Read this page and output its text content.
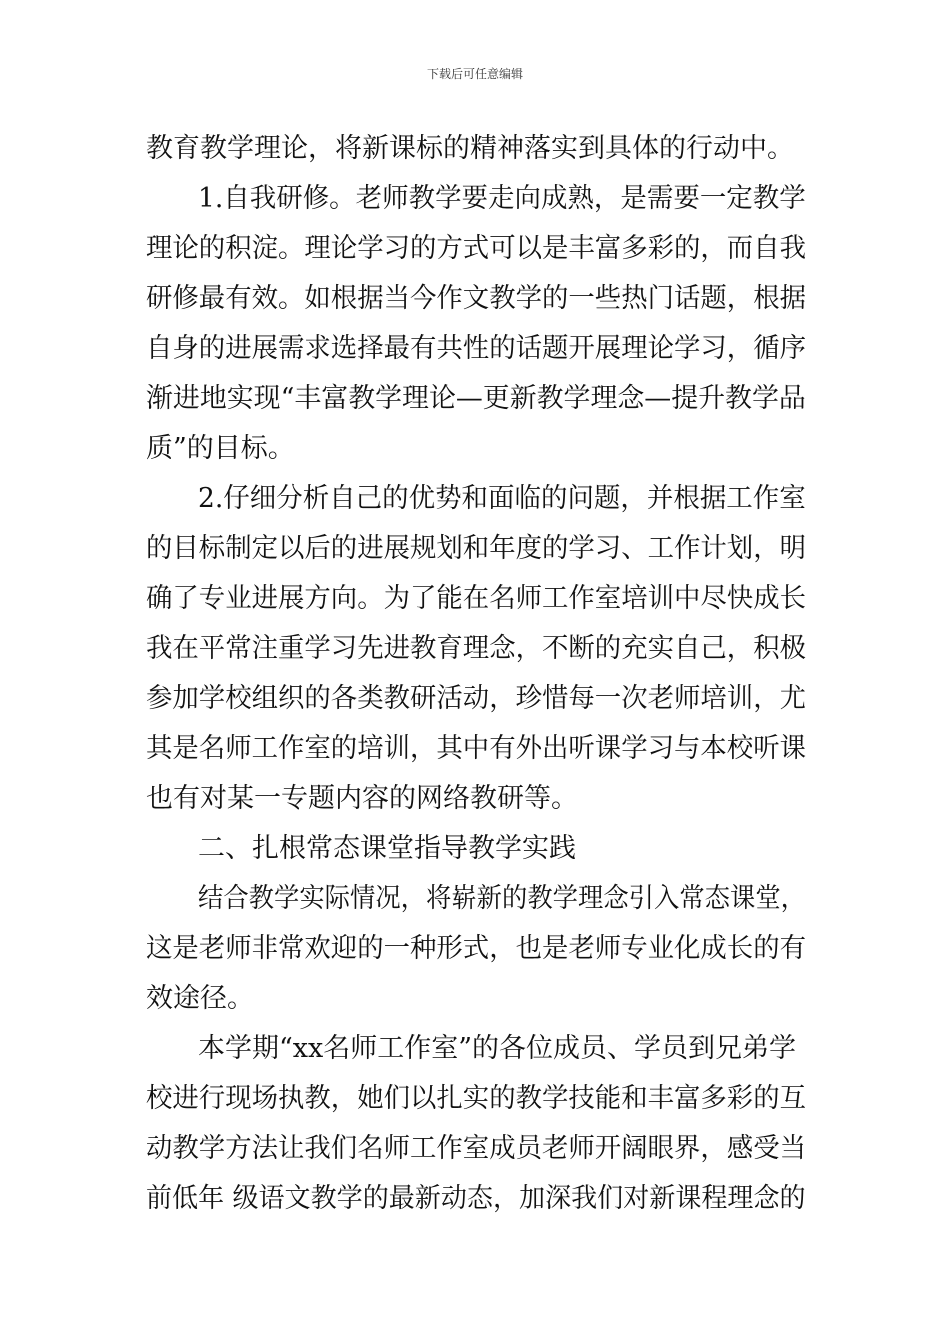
下载后可任意编辑
教育教学理论，将新课标的精神落实到具体的行动中。
1.自我研修。老师教学要走向成熟，是需要一定教学
理论的积淀。理论学习的方式可以是丰富多彩的，而自我
研修最有效。如根据当今作文教学的一些热门话题，根据
自身的进展需求选择最有共性的话题开展理论学习，循序
渐进地实现“丰富教学理论—更新教学理念—提升教学品
质”的目标。
2.仔细分析自己的优势和面临的问题，并根据工作室
的目标制定以后的进展规划和年度的学习、工作计划，明
确了专业进展方向。为了能在名师工作室培训中尽快成长
我在平常注重学习先进教育理念，不断的充实自己，积极
参加学校组织的各类教研活动，珍惜每一次老师培训，尤
其是名师工作室的培训，其中有外出听课学习与本校听课
也有对某一专题内容的网络教研等。
二、扎根常态课堂指导教学实践
结合教学实际情况，将崭新的教学理念引入常态课堂，
这是老师非常欢迎的一种形式，也是老师专业化成长的有
效途径。
本学期“xx名师工作室”的各位成员、学员到兄弟学
校进行现场执教，她们以扎实的教学技能和丰富多彩的互
动教学方法让我们名师工作室成员老师开阔眼界，感受当
前低年 级语文教学的最新动态，加深我们对新课程理念的
